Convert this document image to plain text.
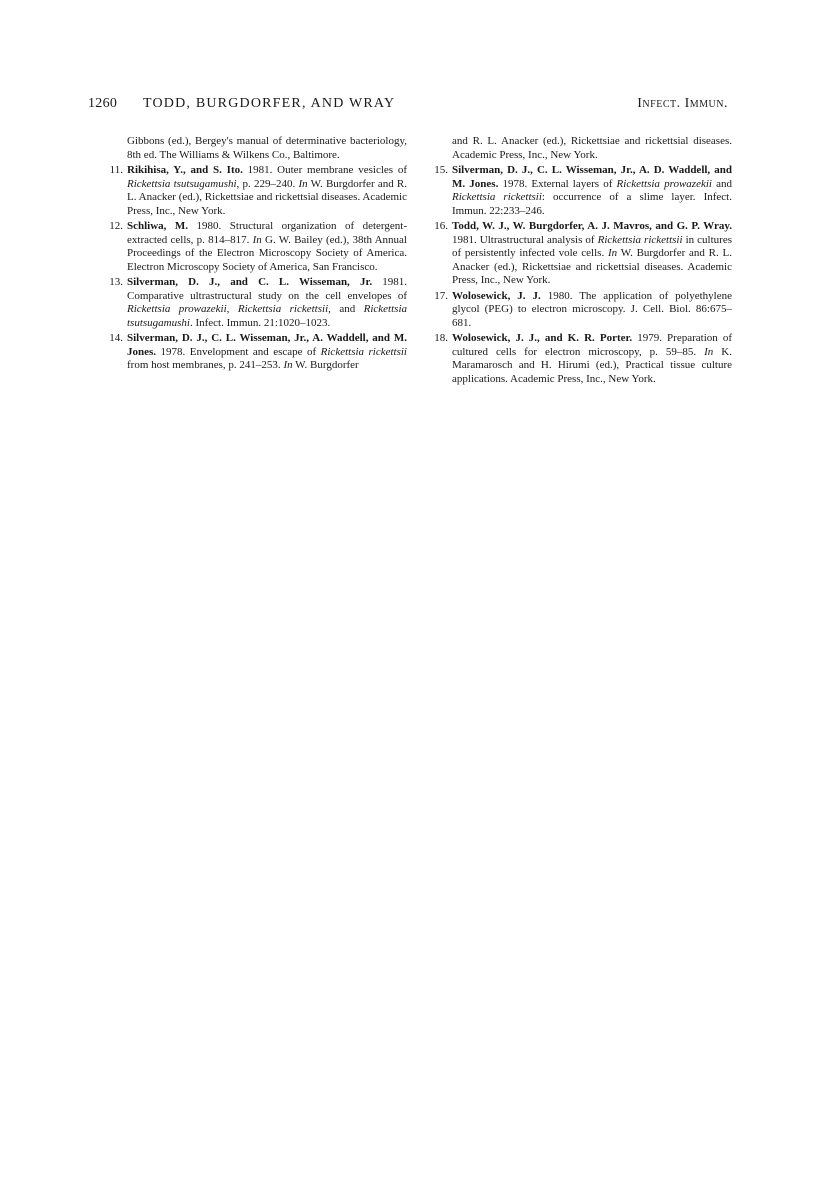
1260 TODD, BURGDORFER, AND WRAY	Infect. Immun.
Gibbons (ed.), Bergey's manual of determinative bacteriology, 8th ed. The Williams & Wilkens Co., Baltimore.
11. Rikihisa, Y., and S. Ito. 1981. Outer membrane vesicles of Rickettsia tsutsugamushi, p. 229–240. In W. Burgdorfer and R. L. Anacker (ed.), Rickettsiae and rickettsial diseases. Academic Press, Inc., New York.
12. Schliwa, M. 1980. Structural organization of detergent-extracted cells, p. 814–817. In G. W. Bailey (ed.), 38th Annual Proceedings of the Electron Microscopy Society of America. Electron Microscopy Society of America, San Francisco.
13. Silverman, D. J., and C. L. Wisseman, Jr. 1981. Comparative ultrastructural study on the cell envelopes of Rickettsia prowazekii, Rickettsia rickettsii, and Rickettsia tsutsugamushi. Infect. Immun. 21:1020–1023.
14. Silverman, D. J., C. L. Wisseman, Jr., A. Waddell, and M. Jones. 1978. Envelopment and escape of Rickettsia rickettsii from host membranes, p. 241–253. In W. Burgdorfer
and R. L. Anacker (ed.), Rickettsiae and rickettsial diseases. Academic Press, Inc., New York.
15. Silverman, D. J., C. L. Wisseman, Jr., A. D. Waddell, and M. Jones. 1978. External layers of Rickettsia prowazekii and Rickettsia rickettsii: occurrence of a slime layer. Infect. Immun. 22:233–246.
16. Todd, W. J., W. Burgdorfer, A. J. Mavros, and G. P. Wray. 1981. Ultrastructural analysis of Rickettsia rickettsii in cultures of persistently infected vole cells. In W. Burgdorfer and R. L. Anacker (ed.), Rickettsiae and rickettsial diseases. Academic Press, Inc., New York.
17. Wolosewick, J. J. 1980. The application of polyethylene glycol (PEG) to electron microscopy. J. Cell. Biol. 86:675–681.
18. Wolosewick, J. J., and K. R. Porter. 1979. Preparation of cultured cells for electron microscopy, p. 59–85. In K. Maramarosch and H. Hirumi (ed.), Practical tissue culture applications. Academic Press, Inc., New York.
